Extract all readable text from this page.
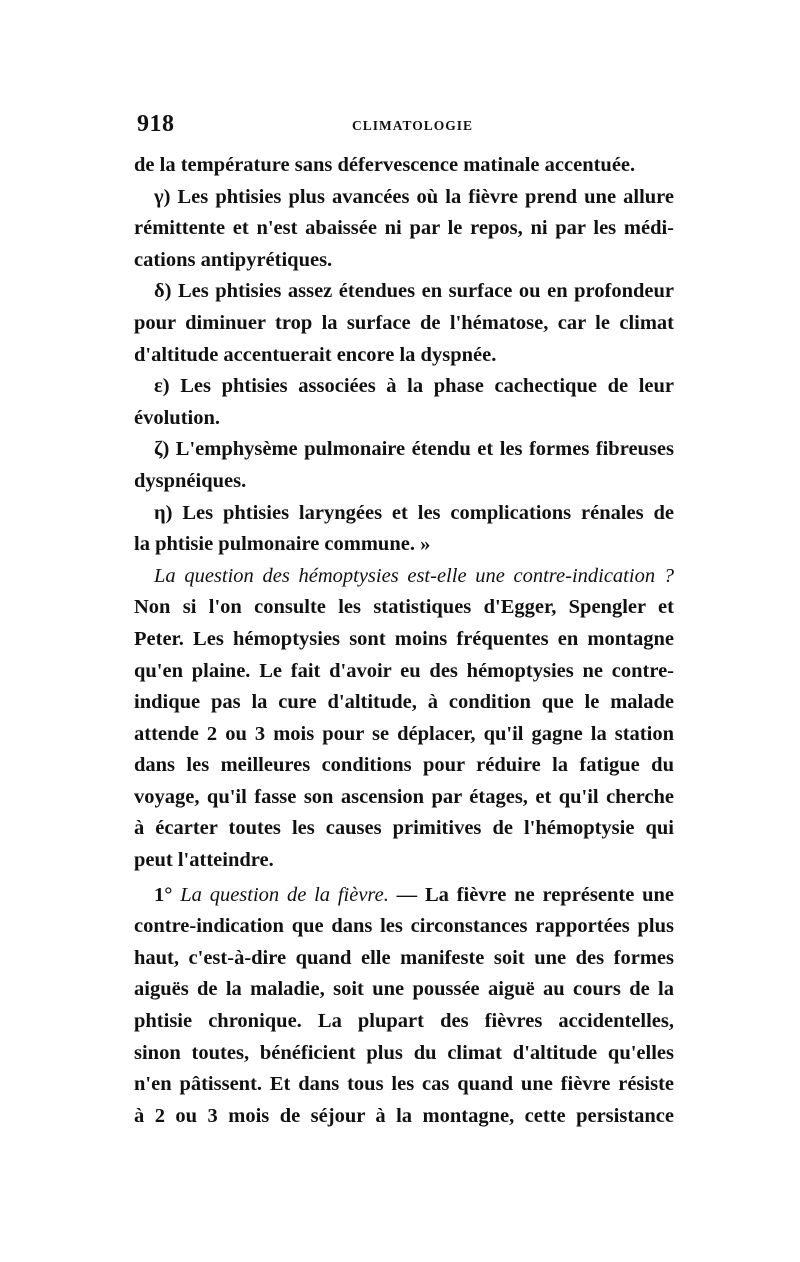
918	CLIMATOLOGIE
de la température sans défervescence matinale accentuée.
γ) Les phtisies plus avancées où la fièvre prend une allure
rémittente et n'est abaissée ni par le repos, ni par les médi-
cations antipyrétiques.
δ) Les phtisies assez étendues en surface ou en profondeur
pour diminuer trop la surface de l'hématose, car le climat
d'altitude accentuerait encore la dyspnée.
ε) Les phtisies associées à la phase cachectique de leur
évolution.
ζ) L'emphysème pulmonaire étendu et les formes fibreuses
dyspnéiques.
η) Les phtisies laryngées et les complications rénales de
la phtisie pulmonaire commune. »
La question des hémoptysies est-elle une contre-indication ?
Non si l'on consulte les statistiques d'Egger, Spengler et
Peter. Les hémoptysies sont moins fréquentes en montagne
qu'en plaine. Le fait d'avoir eu des hémoptysies ne contre-
indique pas la cure d'altitude, à condition que le malade
attende 2 ou 3 mois pour se déplacer, qu'il gagne la station
dans les meilleures conditions pour réduire la fatigue du
voyage, qu'il fasse son ascension par étages, et qu'il cherche
à écarter toutes les causes primitives de l'hémoptysie qui
peut l'atteindre.
1° La question de la fièvre. — La fièvre ne représente une
contre-indication que dans les circonstances rapportées plus
haut, c'est-à-dire quand elle manifeste soit une des formes
aiguës de la maladie, soit une poussée aiguë au cours de la
phtisie chronique. La plupart des fièvres accidentelles,
sinon toutes, bénéficient plus du climat d'altitude qu'elles
n'en pâtissent. Et dans tous les cas quand une fièvre résiste
à 2 ou 3 mois de séjour à la montagne, cette persistance
